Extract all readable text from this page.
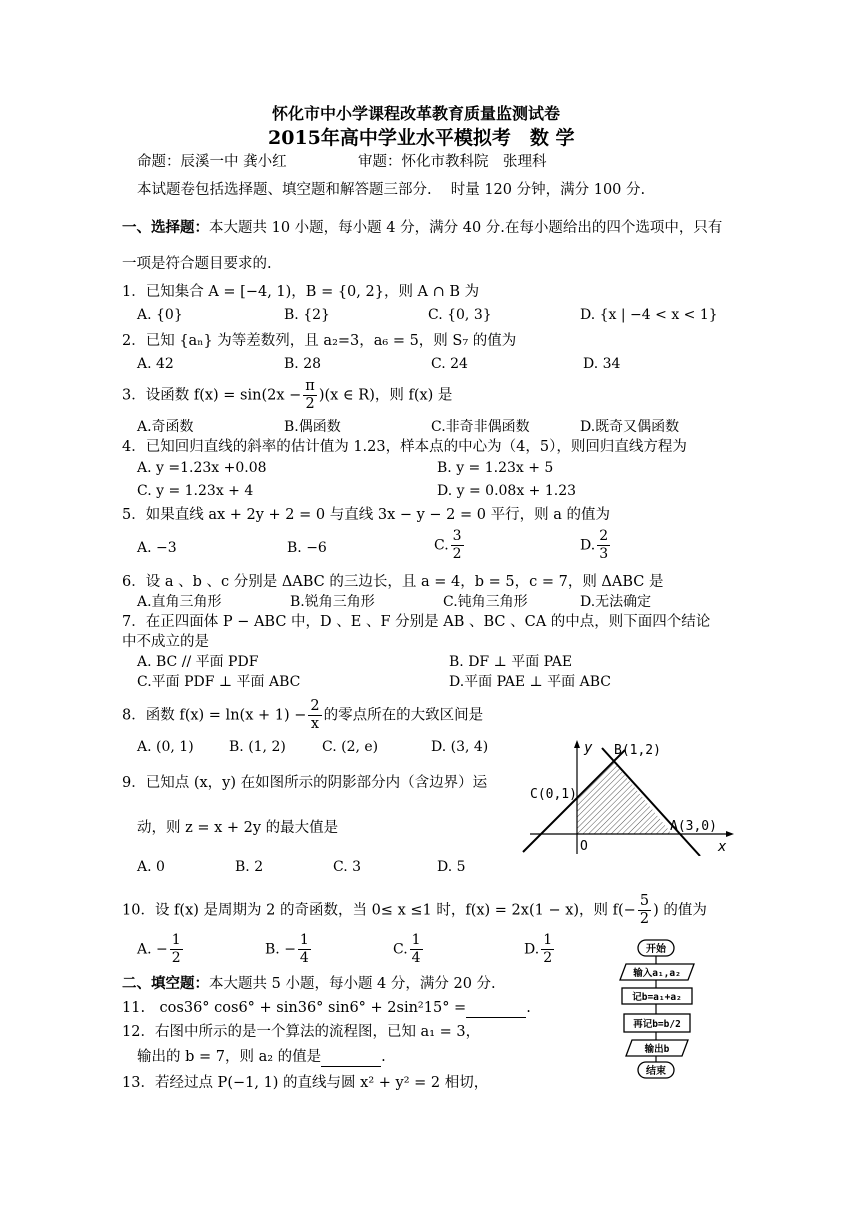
怀化市中小学课程改革教育质量监测试卷
2015年高中学业水平模拟考　数 学
命题：辰溪一中 龚小红	审题：怀化市教科院　张理科
本试题卷包括选择题、填空题和解答题三部分.　 时量 120 分钟，满分 100 分.
一、选择题：本大题共 10 小题，每小题 4 分，满分 40 分.在每小题给出的四个选项中，只有
一项是符合题目要求的.
1．已知集合 A = [−4, 1)，B = {0, 2}，则 A ∩ B 为
A. {0}	B. {2}	C. {0, 3}	D. {x | −4 < x < 1}
2．已知 {aₙ} 为等差数列，且 a₂=3，a₆ = 5，则 S₇ 的值为
A. 42	B. 28	C. 24	D. 34
3．设函数 $f(x) = \sin(2x - \frac{\pi}{2} )(x$ ∈ R)，则 f(x) 是
A.奇函数	B.偶函数	C.非奇非偶函数	D.既奇又偶函数
4．已知回归直线的斜率的估计值为 1.23，样本点的中心为（4，5），则回归直线方程为
A. y =1.23x +0.08	B. y = 1.23x + 5
C. y = 1.23x + 4	D. y = 0.08x + 1.23
5．如果直线 ax + 2y + 2 = 0 与直线 3x − y − 2 = 0 平行，则 a 的值为
A. −3	B. −6	C. $\frac{3}{2}$	D. $\frac{2}{3}$
6．设 a 、b 、c 分别是 ΔABC 的三边长，且 a = 4，b = 5，c = 7，则 ΔABC 是
A.直角三角形	B.锐角三角形	C.钝角三角形	D.无法确定
7．在正四面体 P − ABC 中，D 、E 、F 分别是 AB 、BC 、CA 的中点，则下面四个结论
中不成立的是
A. BC // 平面 PDF	B. DF ⊥ 平面 PAE
C.平面 PDF ⊥ 平面 ABC	D.平面 PAE ⊥ 平面 ABC
8．函数 $f(x) = \ln(x + 1) - \frac{2}{x}$ 的零点所在的大致区间是
A. (0, 1)	B. (1, 2)	C. (2, e)	D. (3, 4)
9．已知点 (x，y) 在如图所示的阴影部分内（含边界）运
动，则 z = x + 2y 的最大值是
A. 0	B. 2	C. 3	D. 5
B(1,2)
C(0,1)
A(3,0)
O	x
y
10．设 f(x) 是周期为 2 的奇函数，当 0≤ x ≤1 时，f(x) = 2x(1 − x)，则 $f(- \frac{5}{2}$ ) 的值为
A. − $\frac{1}{2}$	B. − $\frac{1}{4}$	C. $\frac{1}{4}$	D. $\frac{1}{2}$
二、填空题：本大题共 5 小题，每小题 4 分，满分 20 分.
11.　cos36° cos6° + sin36° sin6° + 2sin²15° =	.
12．右图中所示的是一个算法的流程图，已知 a₁ = 3，
输出的 b = 7，则 a₂ 的值是	.
13．若经过点 P(−1, 1) 的直线与圆 x² + y² = 2 相切，
开始
输入a₁,a₂
记b=a₁+a₂
再记b=b/2
输出b
结束
